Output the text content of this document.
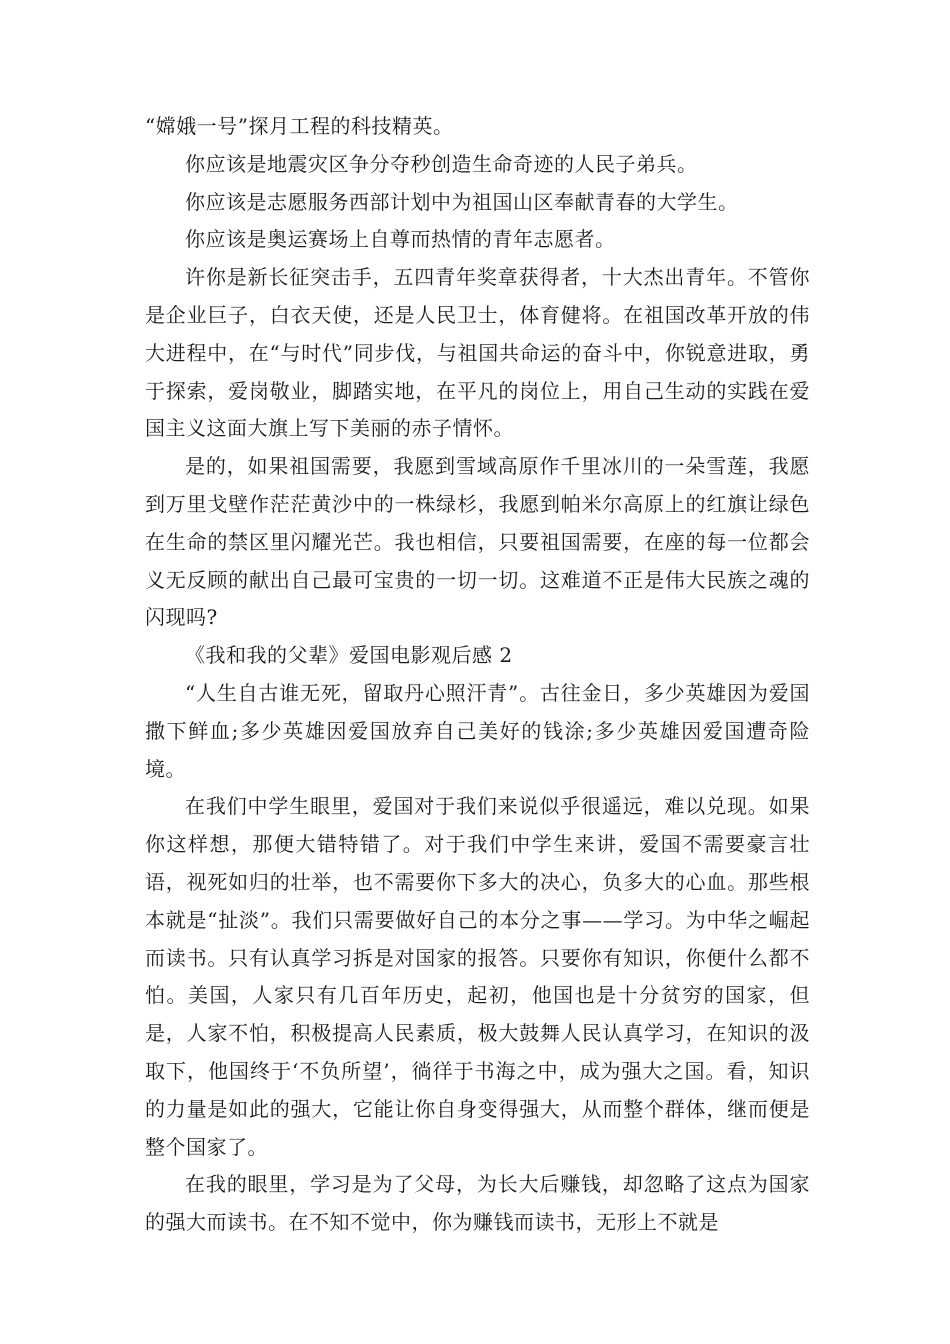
“嫦娥一号”探月工程的科技精英。

你应该是地震灾区争分夺秒创造生命奇迹的人民子弟兵。

你应该是志愿服务西部计划中为祖国山区奉献青春的大学生。

你应该是奥运赛场上自尊而热情的青年志愿者。

许你是新长征突击手，五四青年奖章获得者，十大杰出青年。不管你是企业巨子，白衣天使，还是人民卫士，体育健将。在祖国改革开放的伟大进程中，在“与时代”同步伐，与祖国共命运的奋斗中，你锐意进取，勇于探索，爱岗敬业，脚踏实地，在平凡的岗位上，用自己生动的实践在爱国主义这面大旗上写下美丽的赤子情怀。

是的，如果祖国需要，我愿到雪域高原作千里冰川的一朵雪莲，我愿到万里戈壁作茫茫黄沙中的一株绿杉，我愿到帕米尔高原上的红旗让绿色在生命的禁区里闪耀光芒。我也相信，只要祖国需要，在座的每一位都会义无反顾的献出自己最可宝贵的一切一切。这难道不正是伟大民族之魂的闪现吗?

《我和我的父辈》爱国电影观后感 2

“人生自古谁无死，留取丹心照汗青”。古往金日，多少英雄因为爱国撒下鲜血;多少英雄因爱国放弃自己美好的钱涂;多少英雄因爱国遭奇险境。

在我们中学生眼里，爱国对于我们来说似乎很遥远，难以兑现。如果你这样想，那便大错特错了。对于我们中学生来讲，爱国不需要豪言壮语，视死如归的壮举，也不需要你下多大的决心，负多大的心血。那些根本就是“扯淡”。我们只需要做好自己的本分之事——学习。为中华之崛起而读书。只有认真学习拆是对国家的报答。只要你有知识，你便什么都不怕。美国，人家只有几百年历史，起初，他国也是十分贫穷的国家，但是，人家不怕，积极提高人民素质，极大鼓舞人民认真学习，在知识的汲取下，他国终于‘不负所望’，徜徉于书海之中，成为强大之国。看，知识的力量是如此的强大，它能让你自身变得强大，从而整个群体，继而便是整个国家了。

在我的眼里，学习是为了父母，为长大后赚钱，却忽略了这点为国家的强大而读书。在不知不觉中，你为赚钱而读书，无形上不就是
